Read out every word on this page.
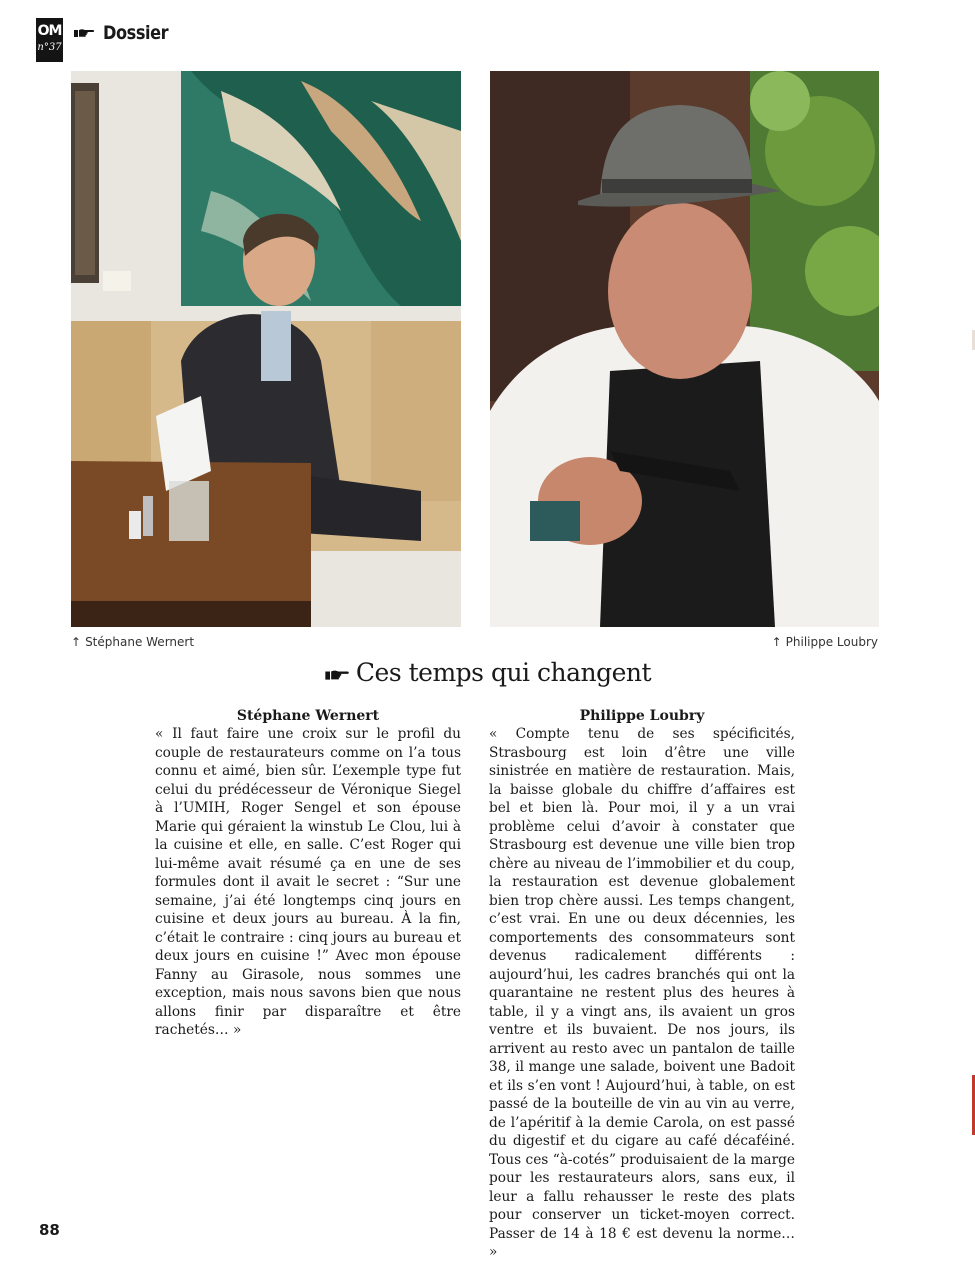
OM
n°37
Dossier
↑ Stéphane Wernert	↑ Philippe Loubry
Ces temps qui changent
Stéphane Wernert

« Il faut faire une croix sur le profil du couple de restaurateurs comme on l’a tous connu et aimé, bien sûr. L’exemple type fut celui du prédécesseur de Véronique Siegel à l’UMIH, Roger Sengel et son épouse Marie qui géraient la winstub Le Clou, lui à la cuisine et elle, en salle. C’est Roger qui lui-même avait résumé ça en une de ses formules dont il avait le secret : “Sur une semaine, j’ai été longtemps cinq jours en cuisine et deux jours au bureau. À la fin, c’était le contraire : cinq jours au bureau et deux jours en cuisine !” Avec mon épouse Fanny au Girasole, nous sommes une exception, mais nous savons bien que nous allons finir par disparaître et être rachetés… »

Philippe Loubry

« Compte tenu de ses spécificités, Strasbourg est loin d’être une ville sinistrée en matière de restauration. Mais, la baisse globale du chiffre d’affaires est bel et bien là. Pour moi, il y a un vrai problème celui d’avoir à constater que Strasbourg est devenue une ville bien trop chère au niveau de l’immobilier et du coup, la restauration est devenue globalement bien trop chère aussi. Les temps changent, c’est vrai. En une ou deux décennies, les comportements des consommateurs sont devenus radicalement différents : aujourd’hui, les cadres branchés qui ont la quarantaine ne restent plus des heures à table, il y a vingt ans, ils avaient un gros ventre et ils buvaient. De nos jours, ils arrivent au resto avec un pantalon de taille 38, il mange une salade, boivent une Badoit et ils s’en vont ! Aujourd’hui, à table, on est passé de la bouteille de vin au vin au verre, de l’apéritif à la demie Carola, on est passé du digestif et du cigare au café décaféiné. Tous ces “à-cotés” produisaient de la marge pour les restaurateurs alors, sans eux, il leur a fallu rehausser le reste des plats pour conserver un ticket-moyen correct. Passer de 14 à 18 € est devenu la norme… »

88
